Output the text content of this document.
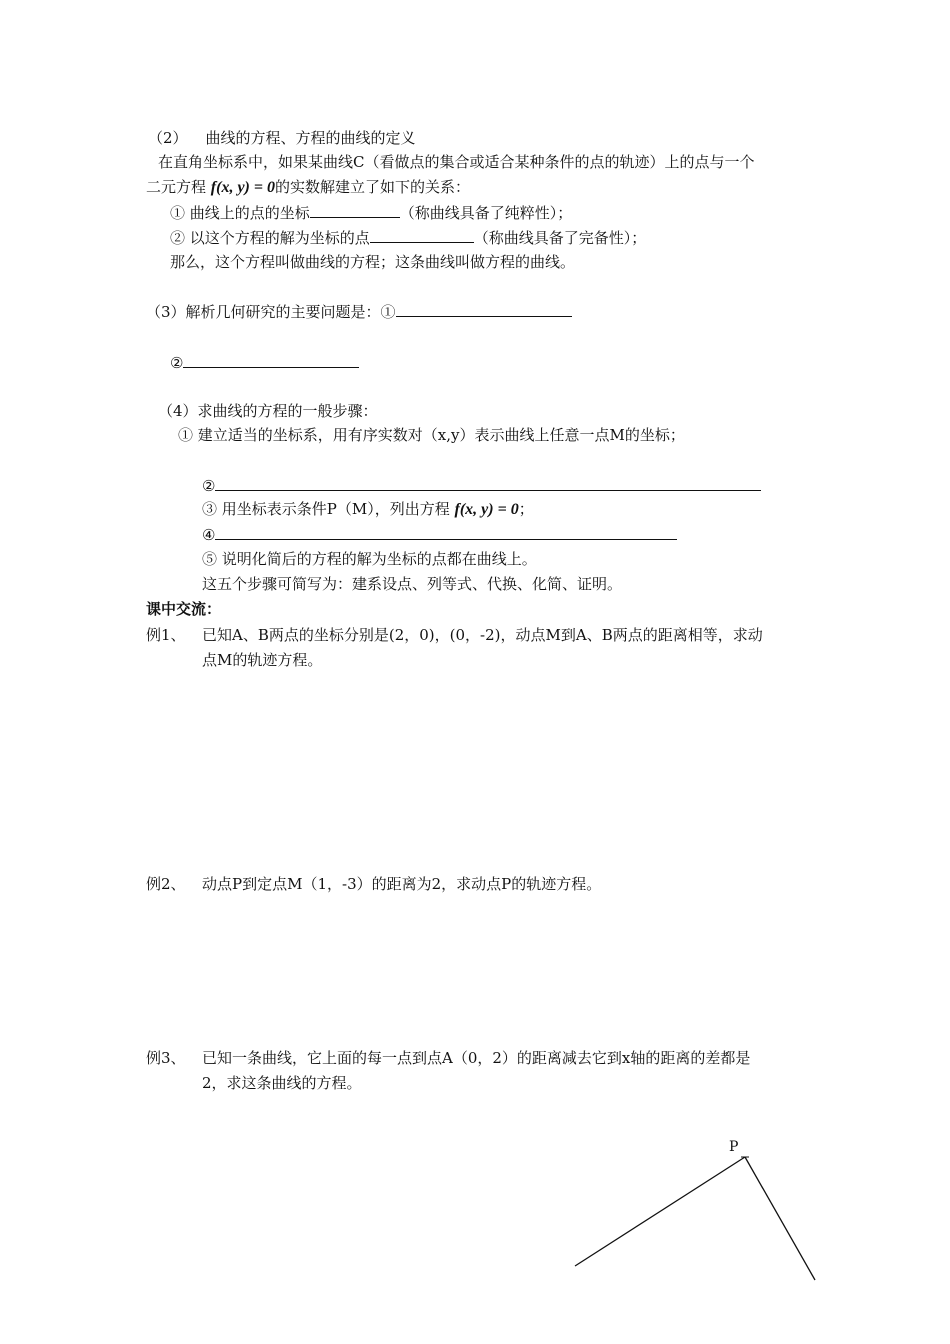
（2） 曲线的方程、方程的曲线的定义
在直角坐标系中，如果某曲线C（看做点的集合或适合某种条件的点的轨迹）上的点与一个
二元方程 f(x, y) = 0的实数解建立了如下的关系：
① 曲线上的点的坐标	（称曲线具备了纯粹性）；
② 以这个方程的解为坐标的点	（称曲线具备了完备性）；
那么，这个方程叫做曲线的方程；这条曲线叫做方程的曲线。
（3）解析几何研究的主要问题是：①
②
（4）求曲线的方程的一般步骤：
① 建立适当的坐标系，用有序实数对（x,y）表示曲线上任意一点M的坐标；
②
③ 用坐标表示条件P（M），列出方程 f(x, y) = 0；
④
⑤ 说明化简后的方程的解为坐标的点都在曲线上。
这五个步骤可简写为：建系设点、列等式、代换、化简、证明。
课中交流：
例1、 已知A、B两点的坐标分别是(2，0)，(0，-2)，动点M到A、B两点的距离相等，求动
点M的轨迹方程。
例2、 动点P到定点M（1，-3）的距离为2，求动点P的轨迹方程。
例3、 已知一条曲线，它上面的每一点到点A（0，2）的距离减去它到x轴的距离的差都是
2，求这条曲线的方程。
P
